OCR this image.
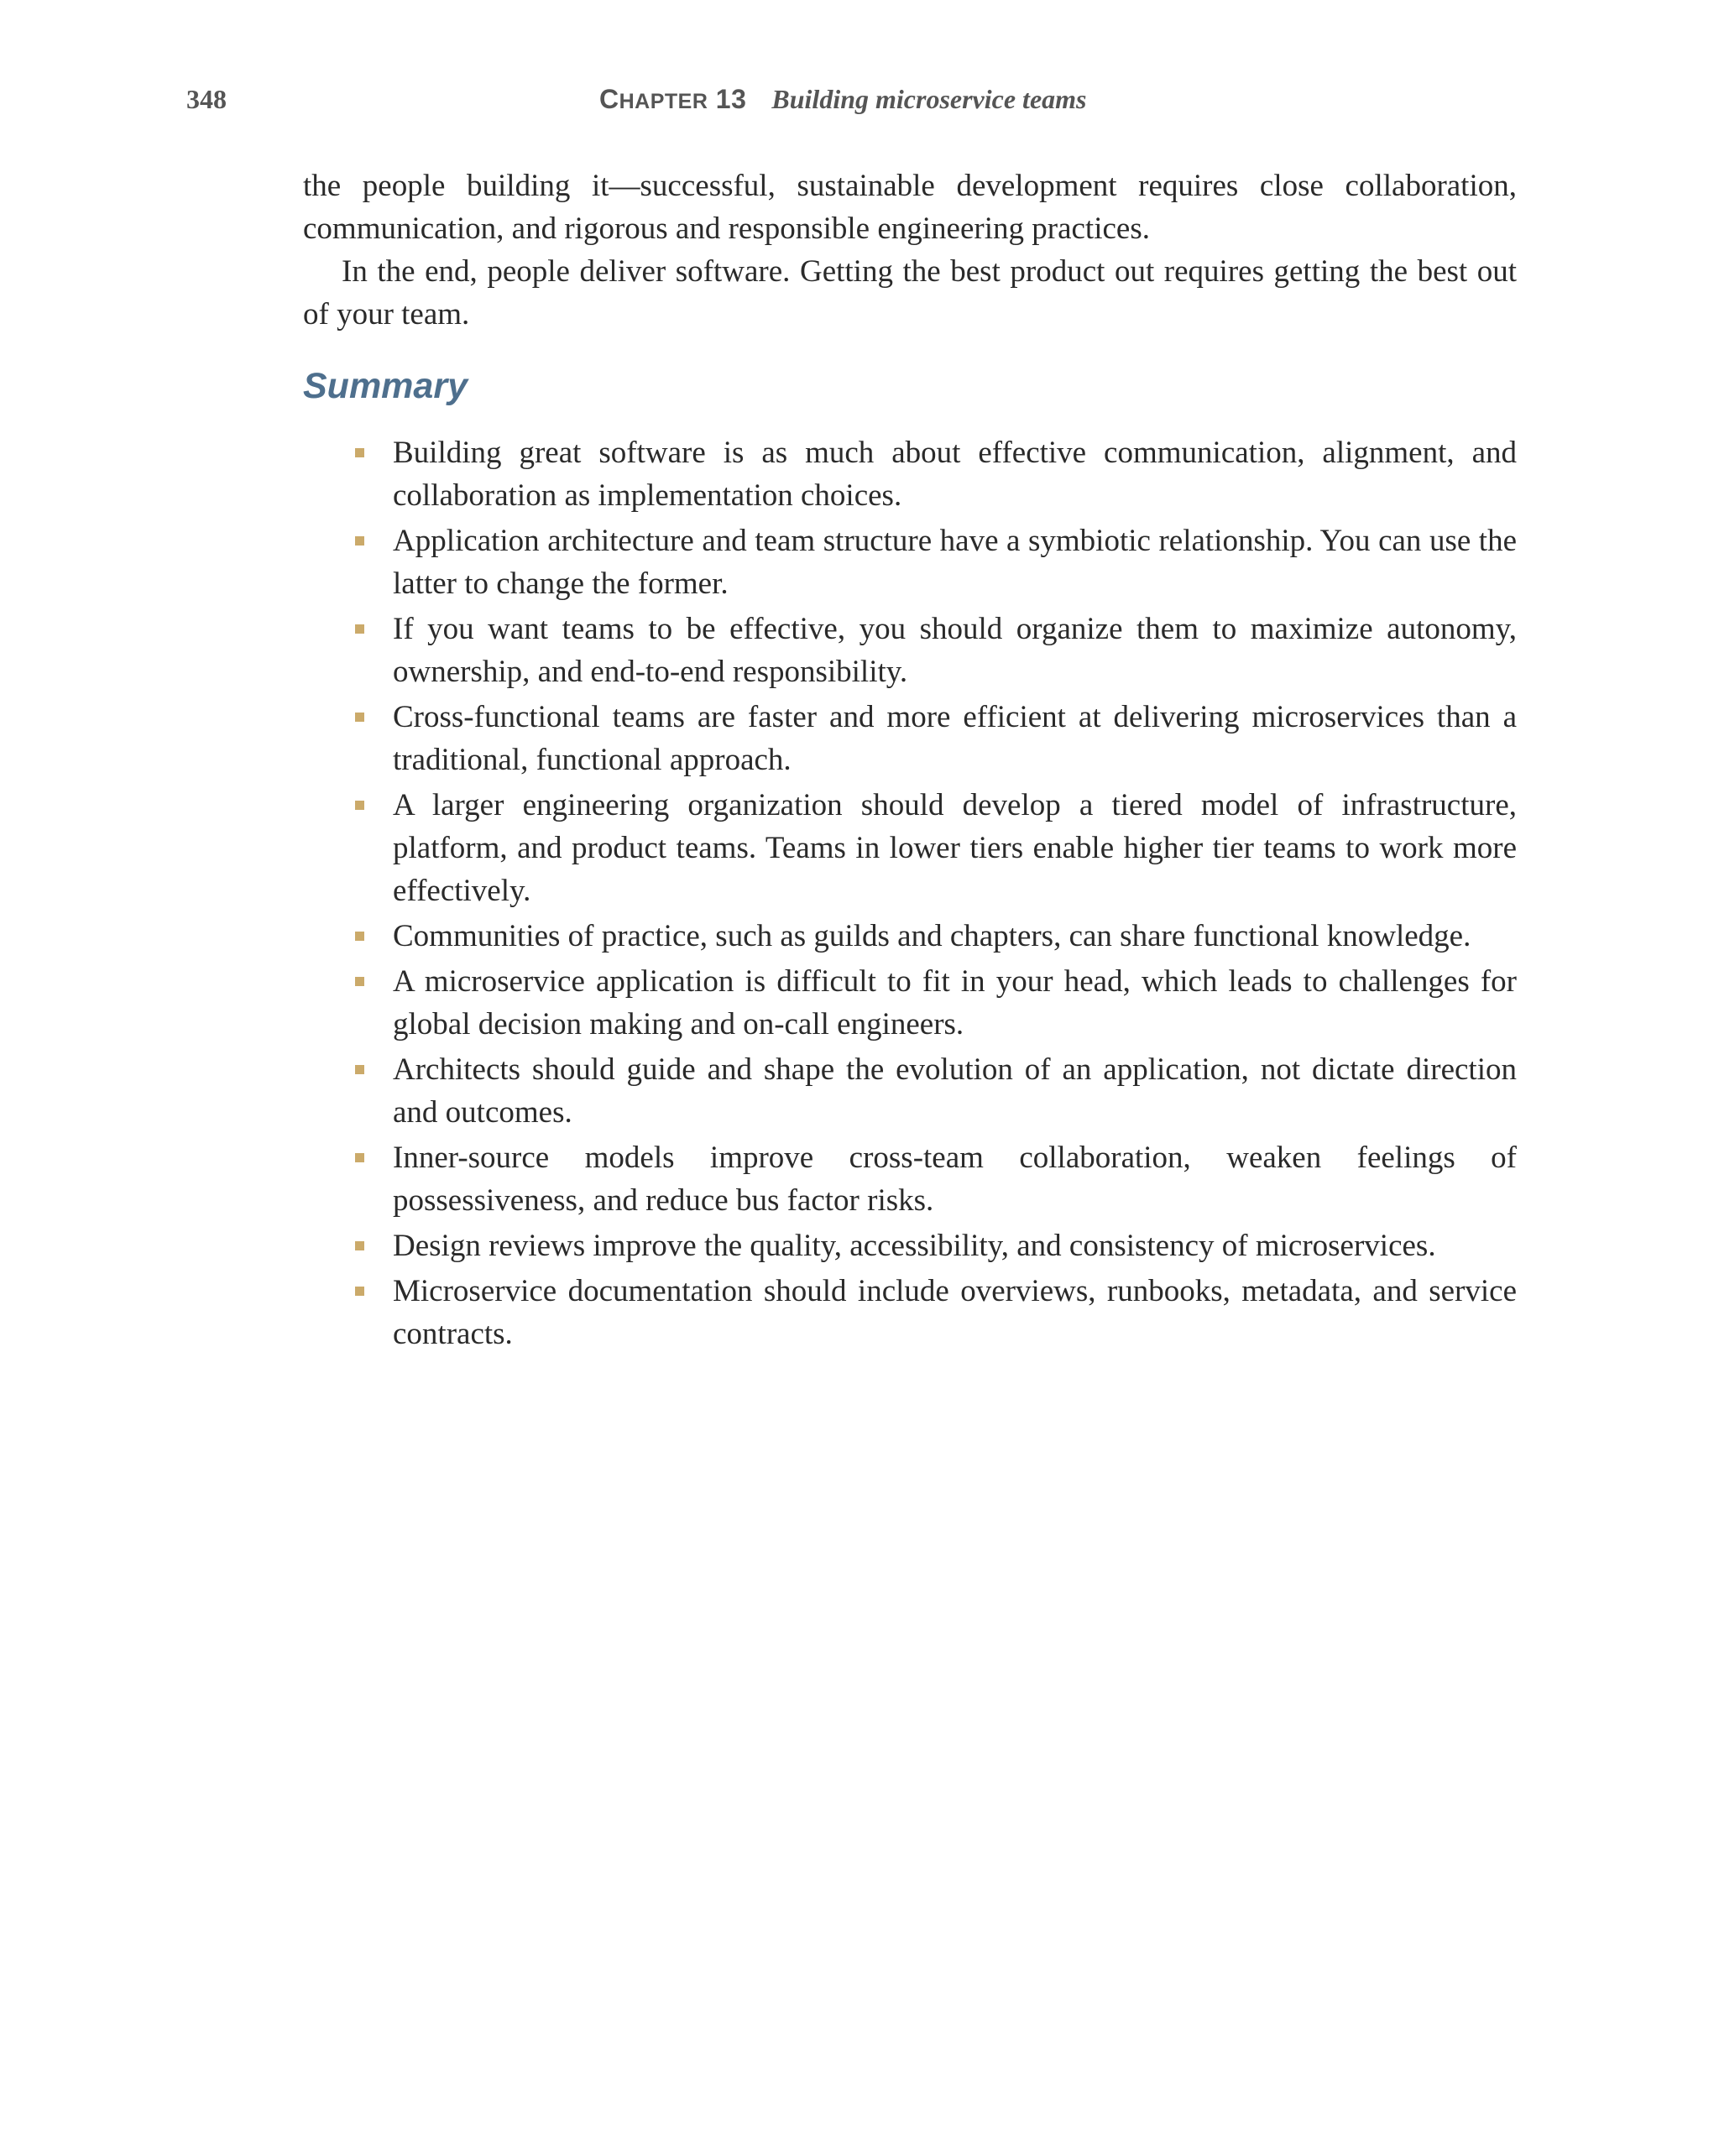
348	CHAPTER 13 Building microservice teams

the people building it—successful, sustainable development requires close collaboration, communication, and rigorous and responsible engineering practices.

In the end, people deliver software. Getting the best product out requires getting the best out of your team.

Summary
Building great software is as much about effective communication, alignment, and collaboration as implementation choices.
Application architecture and team structure have a symbiotic relationship. You can use the latter to change the former.
If you want teams to be effective, you should organize them to maximize autonomy, ownership, and end-to-end responsibility.
Cross-functional teams are faster and more efficient at delivering microservices than a traditional, functional approach.
A larger engineering organization should develop a tiered model of infrastructure, platform, and product teams. Teams in lower tiers enable higher tier teams to work more effectively.
Communities of practice, such as guilds and chapters, can share functional knowledge.
A microservice application is difficult to fit in your head, which leads to challenges for global decision making and on-call engineers.
Architects should guide and shape the evolution of an application, not dictate direction and outcomes.
Inner-source models improve cross-team collaboration, weaken feelings of possessiveness, and reduce bus factor risks.
Design reviews improve the quality, accessibility, and consistency of microservices.
Microservice documentation should include overviews, runbooks, metadata, and service contracts.
